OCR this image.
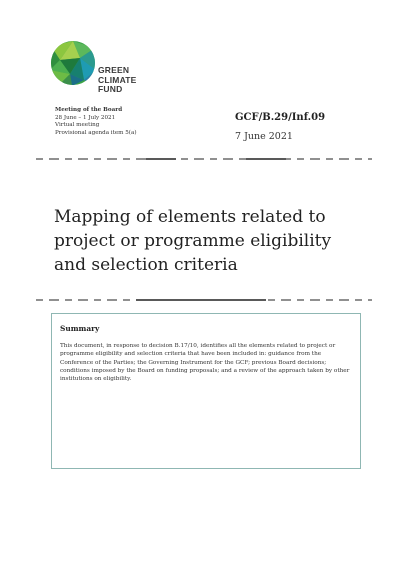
GREEN
CLIMATE
FUND
Meeting of the Board
28 June – 1 July 2021
Virtual meeting
Provisional agenda item 5(a)
GCF/B.29/Inf.09
7 June 2021
Mapping of elements related to project or programme eligibility and selection criteria
Summary
This document, in response to decision B.17/10, identifies all the elements related to project or programme eligibility and selection criteria that have been included in: guidance from the Conference of the Parties; the Governing Instrument for the GCF; previous Board decisions; conditions imposed by the Board on funding proposals; and a review of the approach taken by other institutions on eligibility.
